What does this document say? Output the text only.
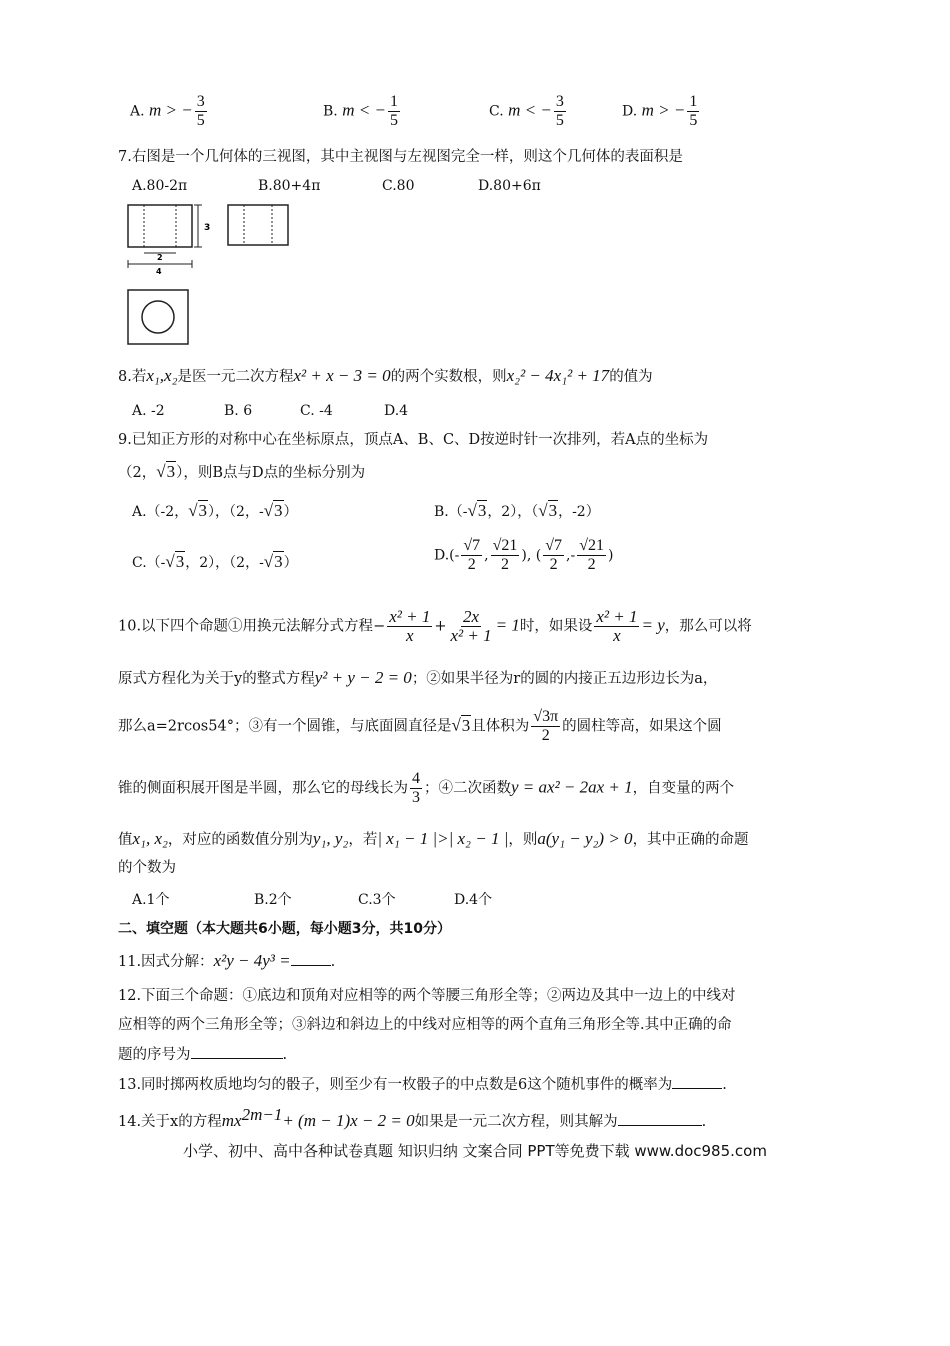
A. m > − $\frac{3}{5}$	B. m < − $\frac{1}{5}$	C. m < − $\frac{3}{5}$	D. m > − $\frac{1}{5}$
7.右图是一个几何体的三视图，其中主视图与左视图完全一样，则这个几何体的表面积是
A.80-2π	B.80+4π	C.80	D.80+6π
3
2
4
8.若x₁,x₂是医一元二次方程x² + x − 3 = 0的两个实数根，则x₂² − 4x₁² + 17的值为
A. -2	B. 6	C. -4	D.4
9.已知正方形的对称中心在坐标原点，顶点A、B、C、D按逆时针一次排列，若A点的坐标为
（2，√3），则B点与D点的坐标分别为
A.（-2，√3），（2，-√3）	B.（-√3，2），（√3，-2）
C.（-√3，2），（2，-√3）	$D.(- \frac{√7}{2}$ , $\frac{√21}{2}$ ), ( $\frac{√7}{2}$ ,- $\frac{√21}{2}$ )
10.以下四个命题①用换元法解分式方程− $\frac{\text{x² + 1}}{x} + \frac{2x}{\text{x² + 1}} = 1$时，如果设 $\frac{\text{x² + 1}}{x} = y$，那么可以将
原式方程化为关于y的整式方程y² + y − 2 = 0；②如果半径为r的圆的内接正五边形边长为a，
那么a=2rcos54°；③有一个圆锥，与底面圆直径是√3且体积为 $\frac{√3\pi}{2}$ 的圆柱等高，如果这个圆
锥的侧面积展开图是半圆，那么它的母线长为 $\frac{4}{3}$ ；④二次函数y = ax² − 2ax + 1，自变量的两个
值x₁, x₂，对应的函数值分别为y₁, y₂，若| x₁ − 1 |>| x₂ − 1 |，则a(y₁ − y₂) > 0，其中正确的命题
的个数为
A.1个	B.2个	C.3个	D.4个
二、填空题（本大题共6小题，每小题3分，共10分）
11.因式分解：x²y − 4y³ =	.
12.下面三个命题：①底边和顶角对应相等的两个等腰三角形全等；②两边及其中一边上的中线对
应相等的两个三角形全等；③斜边和斜边上的中线对应相等的两个直角三角形全等.其中正确的命
题的序号为	.
13.同时掷两枚质地均匀的骰子，则至少有一枚骰子的中点数是6这个随机事件的概率为	.
14.关于x的方程$mx^{2m-1}+ (m - 1)x - 2 = 0$如果是一元二次方程，则其解为	.
小学、初中、高中各种试卷真题 知识归纳 文案合同 PPT等免费下载 www.doc985.com
